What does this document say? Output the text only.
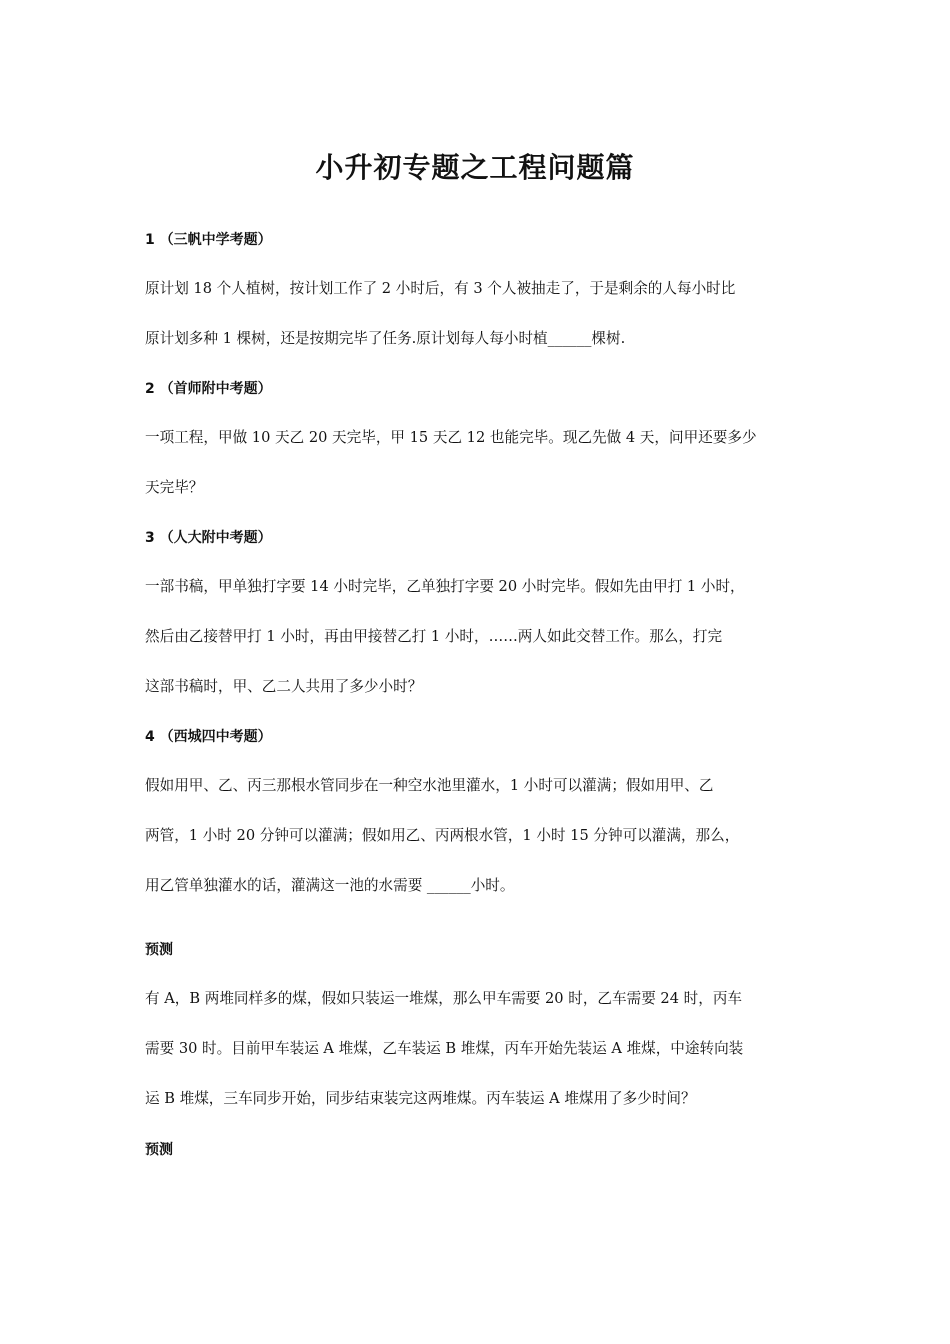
小升初专题之工程问题篇
1 （三帆中学考题）
原计划 18 个人植树，按计划工作了 2 小时后，有 3 个人被抽走了，于是剩余的人每小时比
原计划多种 1 棵树，还是按期完毕了任务.原计划每人每小时植______棵树.
2 （首师附中考题）
一项工程，甲做 10 天乙 20 天完毕，甲 15 天乙 12 也能完毕。现乙先做 4 天，问甲还要多少
天完毕？
3 （人大附中考题）
一部书稿，甲单独打字要 14 小时完毕，乙单独打字要 20 小时完毕。假如先由甲打 1 小时，
然后由乙接替甲打 1 小时，再由甲接替乙打 1 小时，……两人如此交替工作。那么，打完
这部书稿时，甲、乙二人共用了多少小时？
4 （西城四中考题）
假如用甲、乙、丙三那根水管同步在一种空水池里灌水，1 小时可以灌满；假如用甲、乙
两管，1 小时 20 分钟可以灌满；假如用乙、丙两根水管，1 小时 15 分钟可以灌满，那么，
用乙管单独灌水的话，灌满这一池的水需要 ______小时。
预测
有 A，B 两堆同样多的煤，假如只装运一堆煤，那么甲车需要 20 时，乙车需要 24 时，丙车
需要 30 时。目前甲车装运 A 堆煤，乙车装运 B 堆煤，丙车开始先装运 A 堆煤，中途转向装
运 B 堆煤，三车同步开始，同步结束装完这两堆煤。丙车装运 A 堆煤用了多少时间？
预测
